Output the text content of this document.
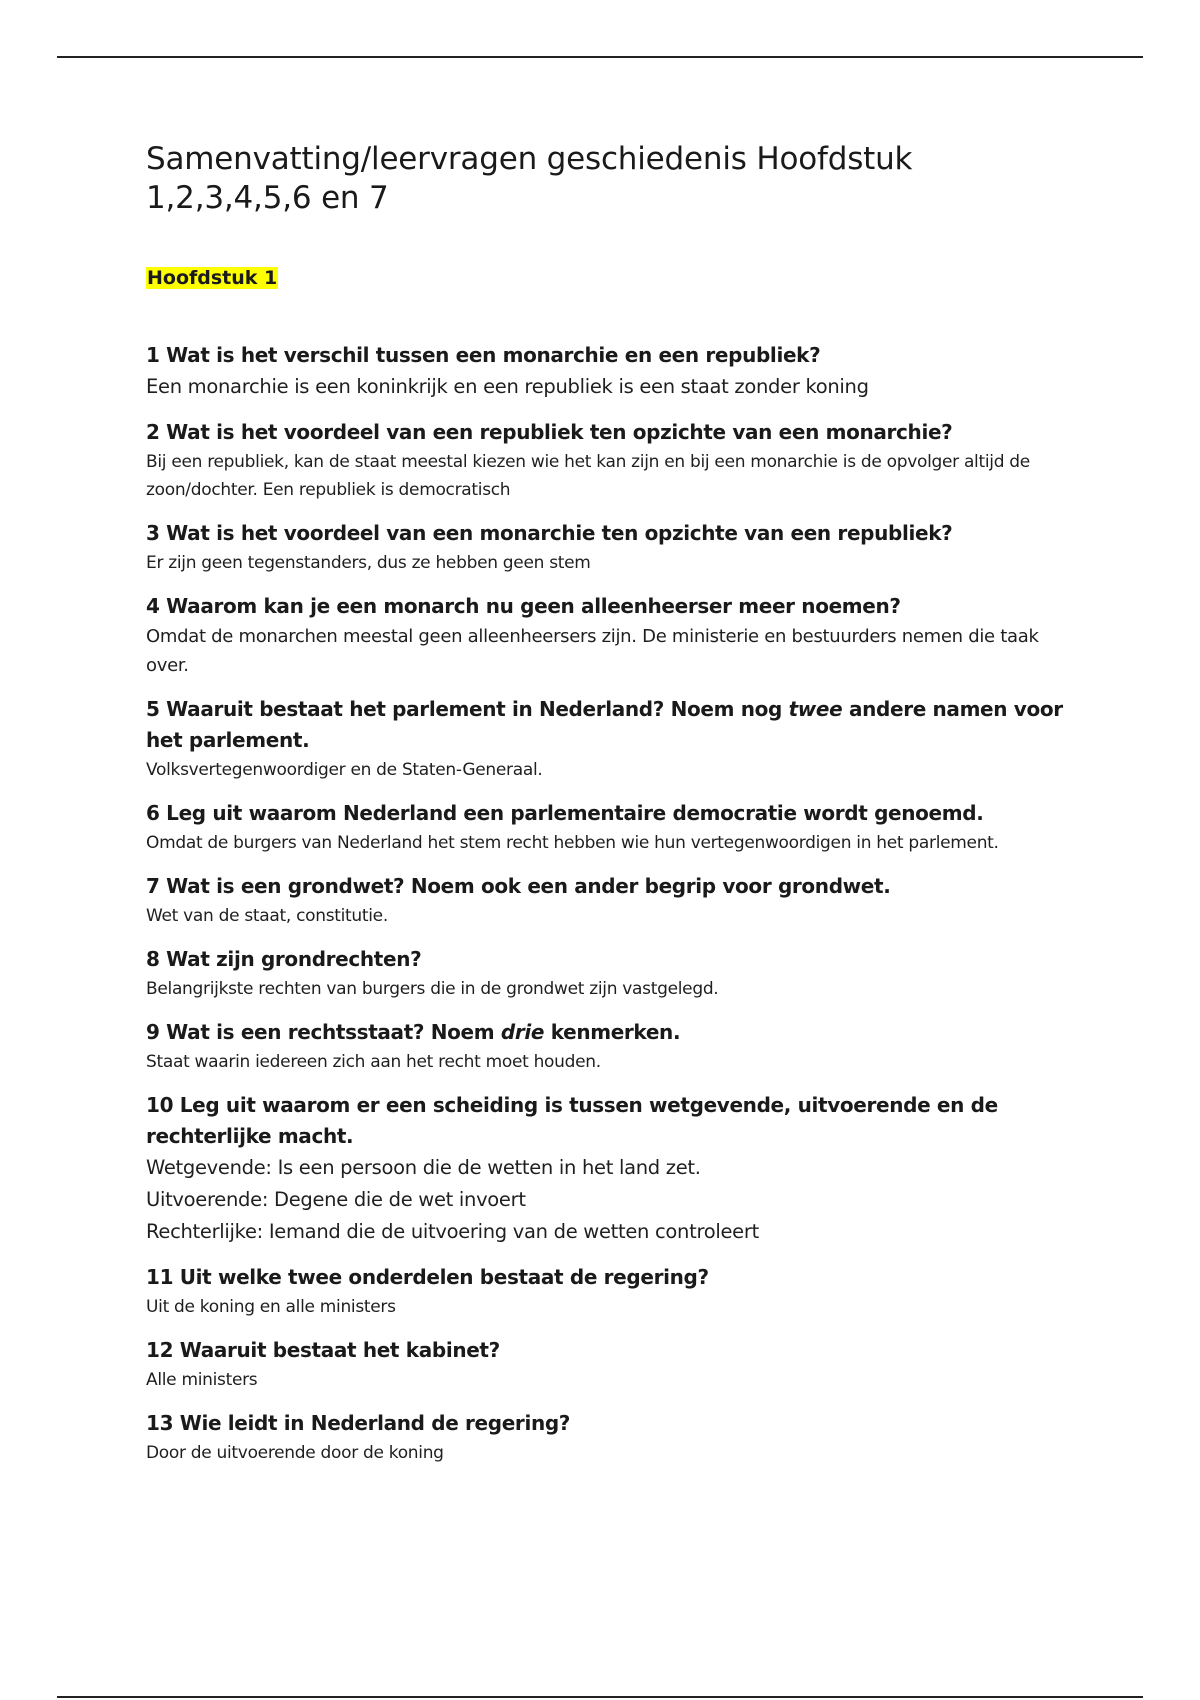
Samenvatting/leervragen geschiedenis Hoofdstuk 1,2,3,4,5,6 en 7
Hoofdstuk 1

1 Wat is het verschil tussen een monarchie en een republiek?

Een monarchie is een koninkrijk en een republiek is een staat zonder koning

2 Wat is het voordeel van een republiek ten opzichte van een monarchie?

Bij een republiek, kan de staat meestal kiezen wie het kan zijn en bij een monarchie is de opvolger altijd de zoon/dochter. Een republiek is democratisch

3 Wat is het voordeel van een monarchie ten opzichte van een republiek?

Er zijn geen tegenstanders, dus ze hebben geen stem

4 Waarom kan je een monarch nu geen alleenheerser meer noemen?

Omdat de monarchen meestal geen alleenheersers zijn. De ministerie en bestuurders nemen die taak over.

5 Waaruit bestaat het parlement in Nederland? Noem nog twee andere namen voor het parlement.

Volksvertegenwoordiger en de Staten-Generaal.

6 Leg uit waarom Nederland een parlementaire democratie wordt genoemd.

Omdat de burgers van Nederland het stem recht hebben wie hun vertegenwoordigen in het parlement.

7 Wat is een grondwet? Noem ook een ander begrip voor grondwet.

Wet van de staat, constitutie.

8 Wat zijn grondrechten?

Belangrijkste rechten van burgers die in de grondwet zijn vastgelegd.

9 Wat is een rechtsstaat? Noem drie kenmerken.

Staat waarin iedereen zich aan het recht moet houden.

10 Leg uit waarom er een scheiding is tussen wetgevende, uitvoerende en de rechterlijke macht.

Wetgevende: Is een persoon die de wetten in het land zet.

Uitvoerende: Degene die de wet invoert

Rechterlijke: Iemand die de uitvoering van de wetten controleert

11 Uit welke twee onderdelen bestaat de regering?

Uit de koning en alle ministers

12 Waaruit bestaat het kabinet?

Alle ministers

13 Wie leidt in Nederland de regering?

Door de uitvoerende door de koning
